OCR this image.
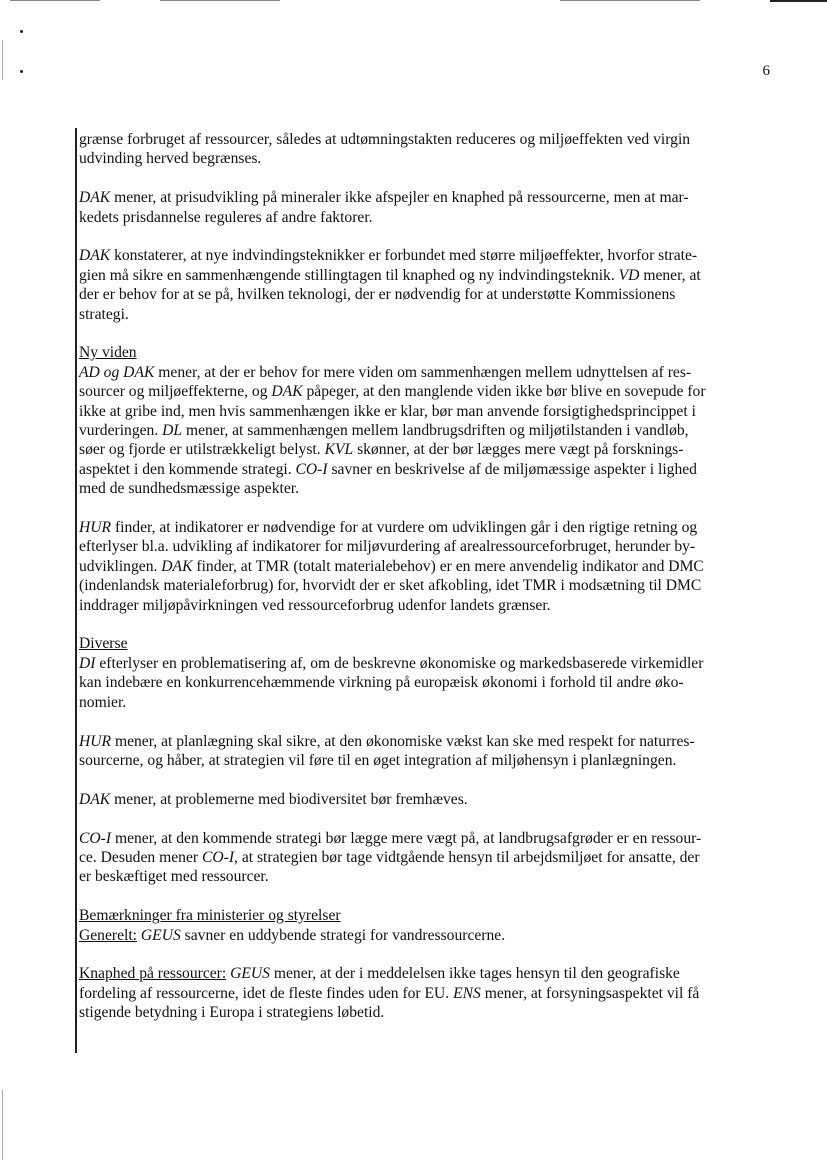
6
grænse forbruget af ressourcer, således at udtømningstakten reduceres og miljøeffekten ved virgin
udvinding herved begrænses.
DAK mener, at prisudvikling på mineraler ikke afspejler en knaphed på ressourcerne, men at mar-
kedets prisdannelse reguleres af andre faktorer.
DAK konstaterer, at nye indvindingsteknikker er forbundet med større miljøeffekter, hvorfor strate-
gien må sikre en sammenhængende stillingtagen til knaphed og ny indvindingsteknik. VD mener, at
der er behov for at se på, hvilken teknologi, der er nødvendig for at understøtte Kommissionens
strategi.
Ny viden
AD og DAK mener, at der er behov for mere viden om sammenhængen mellem udnyttelsen af res-
sourcer og miljøeffekterne, og DAK påpeger, at den manglende viden ikke bør blive en sovepude for
ikke at gribe ind, men hvis sammenhængen ikke er klar, bør man anvende forsigtighedsprincippet i
vurderingen. DL mener, at sammenhængen mellem landbrugsdriften og miljøtilstanden i vandløb,
søer og fjorde er utilstrækkeligt belyst. KVL skønner, at der bør lægges mere vægt på forsknings-
aspektet i den kommende strategi. CO-I savner en beskrivelse af de miljømæssige aspekter i lighed
med de sundhedsmæssige aspekter.
HUR finder, at indikatorer er nødvendige for at vurdere om udviklingen går i den rigtige retning og
efterlyser bl.a. udvikling af indikatorer for miljøvurdering af arealressourceforbruget, herunder by-
udviklingen. DAK finder, at TMR (totalt materialebehov) er en mere anvendelig indikator and DMC
(indenlandsk materialeforbrug) for, hvorvidt der er sket afkobling, idet TMR i modsætning til DMC
inddrager miljøpåvirkningen ved ressourceforbrug udenfor landets grænser.
Diverse
DI efterlyser en problematisering af, om de beskrevne økonomiske og markedsbaserede virkemidler
kan indebære en konkurrencehæmmende virkning på europæisk økonomi i forhold til andre øko-
nomier.
HUR mener, at planlægning skal sikre, at den økonomiske vækst kan ske med respekt for naturres-
sourcerne, og håber, at strategien vil føre til en øget integration af miljøhensyn i planlægningen.
DAK mener, at problemerne med biodiversitet bør fremhæves.
CO-I mener, at den kommende strategi bør lægge mere vægt på, at landbrugsafgrøder er en ressour-
ce. Desuden mener CO-I, at strategien bør tage vidtgående hensyn til arbejdsmiljøet for ansatte, der
er beskæftiget med ressourcer.
Bemærkninger fra ministerier og styrelser
Generelt: GEUS savner en uddybende strategi for vandressourcerne.
Knaphed på ressourcer: GEUS mener, at der i meddelelsen ikke tages hensyn til den geografiske
fordeling af ressourcerne, idet de fleste findes uden for EU. ENS mener, at forsyningsaspektet vil få
stigende betydning i Europa i strategiens løbetid.
